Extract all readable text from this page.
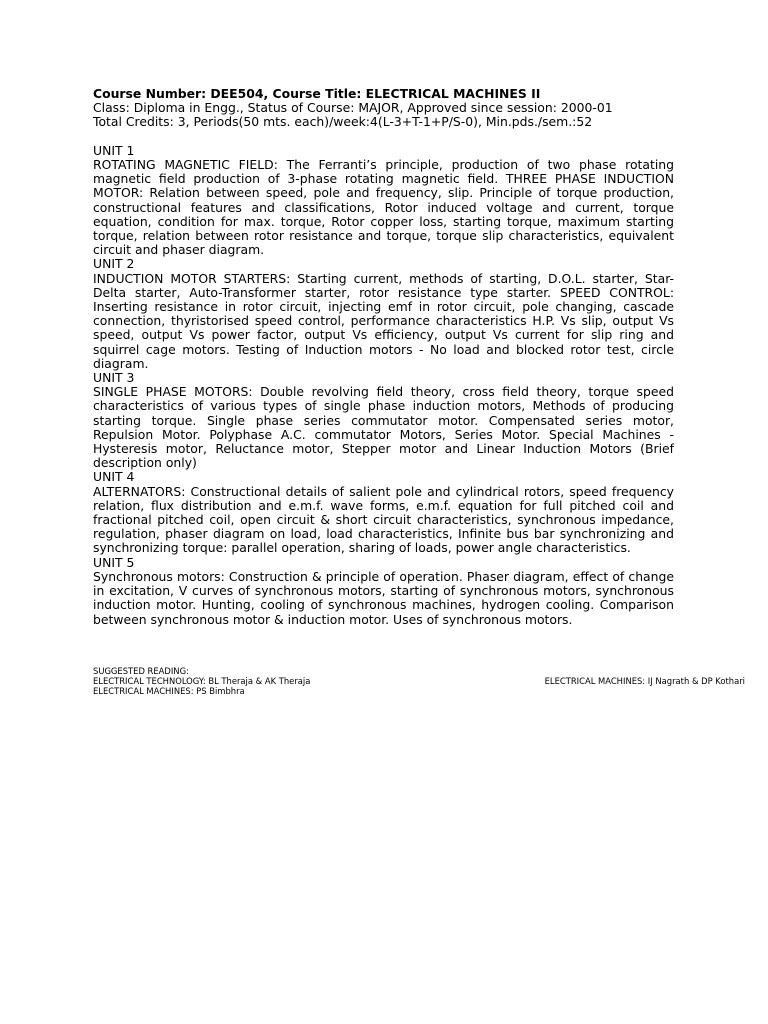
Course Number: DEE504, Course Title: ELECTRICAL MACHINES II
Class: Diploma in Engg., Status of Course: MAJOR, Approved since session: 2000-01
Total Credits: 3, Periods(50 mts. each)/week:4(L-3+T-1+P/S-0), Min.pds./sem.:52
UNIT 1
ROTATING MAGNETIC FIELD: The Ferranti’s principle, production of two phase rotating magnetic field production of 3-phase rotating magnetic field. THREE PHASE INDUCTION MOTOR: Relation between speed, pole and frequency, slip. Principle of torque production, constructional features and classifications, Rotor induced voltage and current, torque equation, condition for max. torque, Rotor copper loss, starting torque, maximum starting torque, relation between rotor resistance and torque, torque slip characteristics, equivalent circuit and phaser diagram.
UNIT 2
INDUCTION MOTOR STARTERS: Starting current, methods of starting, D.O.L. starter, Star-Delta starter, Auto-Transformer starter, rotor resistance type starter. SPEED CONTROL: Inserting resistance in rotor circuit, injecting emf in rotor circuit, pole changing, cascade connection, thyristorised speed control, performance characteristics H.P. Vs slip, output Vs speed, output Vs power factor, output Vs efficiency, output Vs current for slip ring and squirrel cage motors. Testing of Induction motors - No load and blocked rotor test, circle diagram.
UNIT 3
SINGLE PHASE MOTORS: Double revolving field theory, cross field theory, torque speed characteristics of various types of single phase induction motors, Methods of producing starting torque. Single phase series commutator motor. Compensated series motor, Repulsion Motor. Polyphase A.C. commutator Motors, Series Motor. Special Machines - Hysteresis motor, Reluctance motor, Stepper motor and Linear Induction Motors (Brief description only)
UNIT 4
ALTERNATORS: Constructional details of salient pole and cylindrical rotors, speed frequency relation, flux distribution and e.m.f. wave forms, e.m.f. equation for full pitched coil and fractional pitched coil, open circuit & short circuit characteristics, synchronous impedance, regulation, phaser diagram on load, load characteristics, Infinite bus bar synchronizing and synchronizing torque: parallel operation, sharing of loads, power angle characteristics.
UNIT 5
Synchronous motors: Construction & principle of operation. Phaser diagram, effect of change in excitation, V curves of synchronous motors, starting of synchronous motors, synchronous induction motor. Hunting, cooling of synchronous machines, hydrogen cooling. Comparison between synchronous motor & induction motor. Uses of synchronous motors.
SUGGESTED READING:
ELECTRICAL TECHNOLOGY: BL Theraja & AK Theraja	ELECTRICAL MACHINES: IJ Nagrath & DP Kothari
ELECTRICAL MACHINES: PS Bimbhra
